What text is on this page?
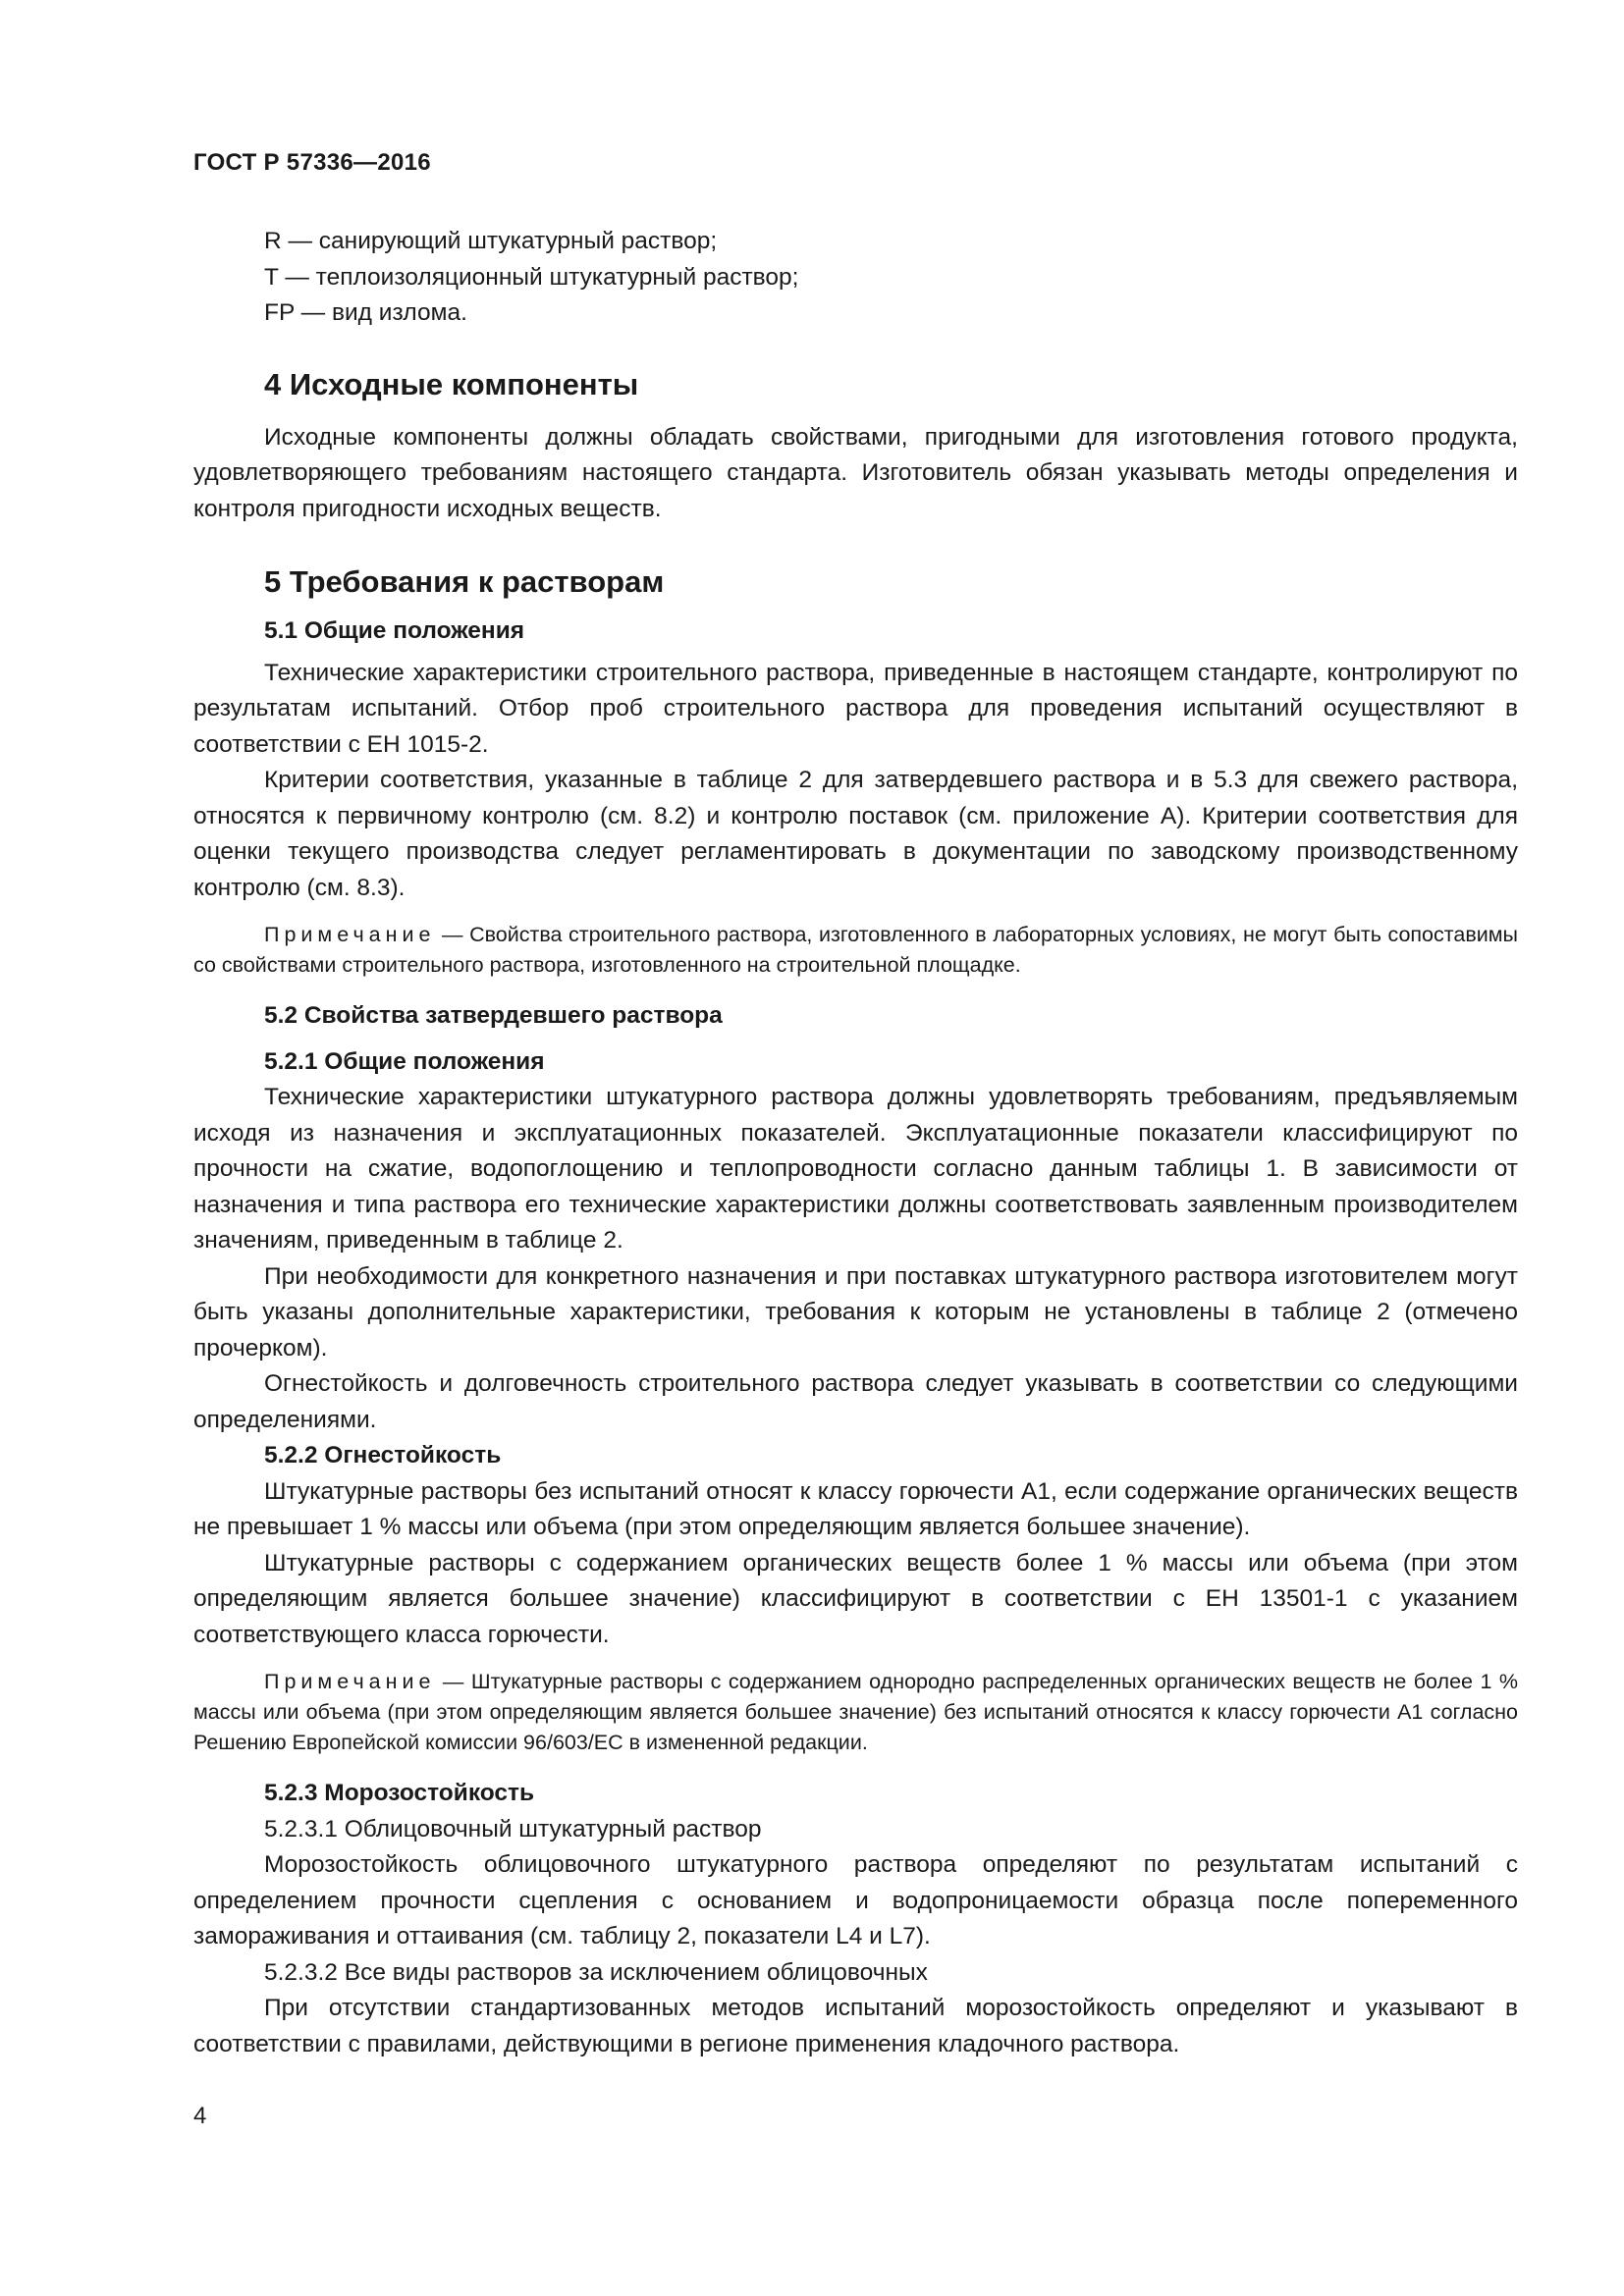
ГОСТ Р 57336—2016

R — санирующий штукатурный раствор;

T — теплоизоляционный штукатурный раствор;

FP — вид излома.

4 Исходные компоненты

Исходные компоненты должны обладать свойствами, пригодными для изготовления готового продукта, удовлетворяющего требованиям настоящего стандарта. Изготовитель обязан указывать методы определения и контроля пригодности исходных веществ.

5 Требования к растворам

5.1 Общие положения

Технические характеристики строительного раствора, приведенные в настоящем стандарте, контролируют по результатам испытаний. Отбор проб строительного раствора для проведения испытаний осуществляют в соответствии с ЕН 1015-2.

Критерии соответствия, указанные в таблице 2 для затвердевшего раствора и в 5.3 для свежего раствора, относятся к первичному контролю (см. 8.2) и контролю поставок (см. приложение А). Критерии соответствия для оценки текущего производства следует регламентировать в документации по заводскому производственному контролю (см. 8.3).

Примечание — Свойства строительного раствора, изготовленного в лабораторных условиях, не могут быть сопоставимы со свойствами строительного раствора, изготовленного на строительной площадке.

5.2 Свойства затвердевшего раствора

5.2.1 Общие положения

Технические характеристики штукатурного раствора должны удовлетворять требованиям, предъявляемым исходя из назначения и эксплуатационных показателей. Эксплуатационные показатели классифицируют по прочности на сжатие, водопоглощению и теплопроводности согласно данным таблицы 1. В зависимости от назначения и типа раствора его технические характеристики должны соответствовать заявленным производителем значениям, приведенным в таблице 2.

При необходимости для конкретного назначения и при поставках штукатурного раствора изготовителем могут быть указаны дополнительные характеристики, требования к которым не установлены в таблице 2 (отмечено прочерком).

Огнестойкость и долговечность строительного раствора следует указывать в соответствии со следующими определениями.

5.2.2 Огнестойкость

Штукатурные растворы без испытаний относят к классу горючести А1, если содержание органических веществ не превышает 1 % массы или объема (при этом определяющим является большее значение).

Штукатурные растворы с содержанием органических веществ более 1 % массы или объема (при этом определяющим является большее значение) классифицируют в соответствии с ЕН 13501-1 с указанием соответствующего класса горючести.

Примечание — Штукатурные растворы с содержанием однородно распределенных органических веществ не более 1 % массы или объема (при этом определяющим является большее значение) без испытаний относятся к классу горючести А1 согласно Решению Европейской комиссии 96/603/ЕС в измененной редакции.

5.2.3 Морозостойкость

5.2.3.1 Облицовочный штукатурный раствор

Морозостойкость облицовочного штукатурного раствора определяют по результатам испытаний с определением прочности сцепления с основанием и водопроницаемости образца после попеременного замораживания и оттаивания (см. таблицу 2, показатели L4 и L7).

5.2.3.2 Все виды растворов за исключением облицовочных

При отсутствии стандартизованных методов испытаний морозостойкость определяют и указывают в соответствии с правилами, действующими в регионе применения кладочного раствора.

4
